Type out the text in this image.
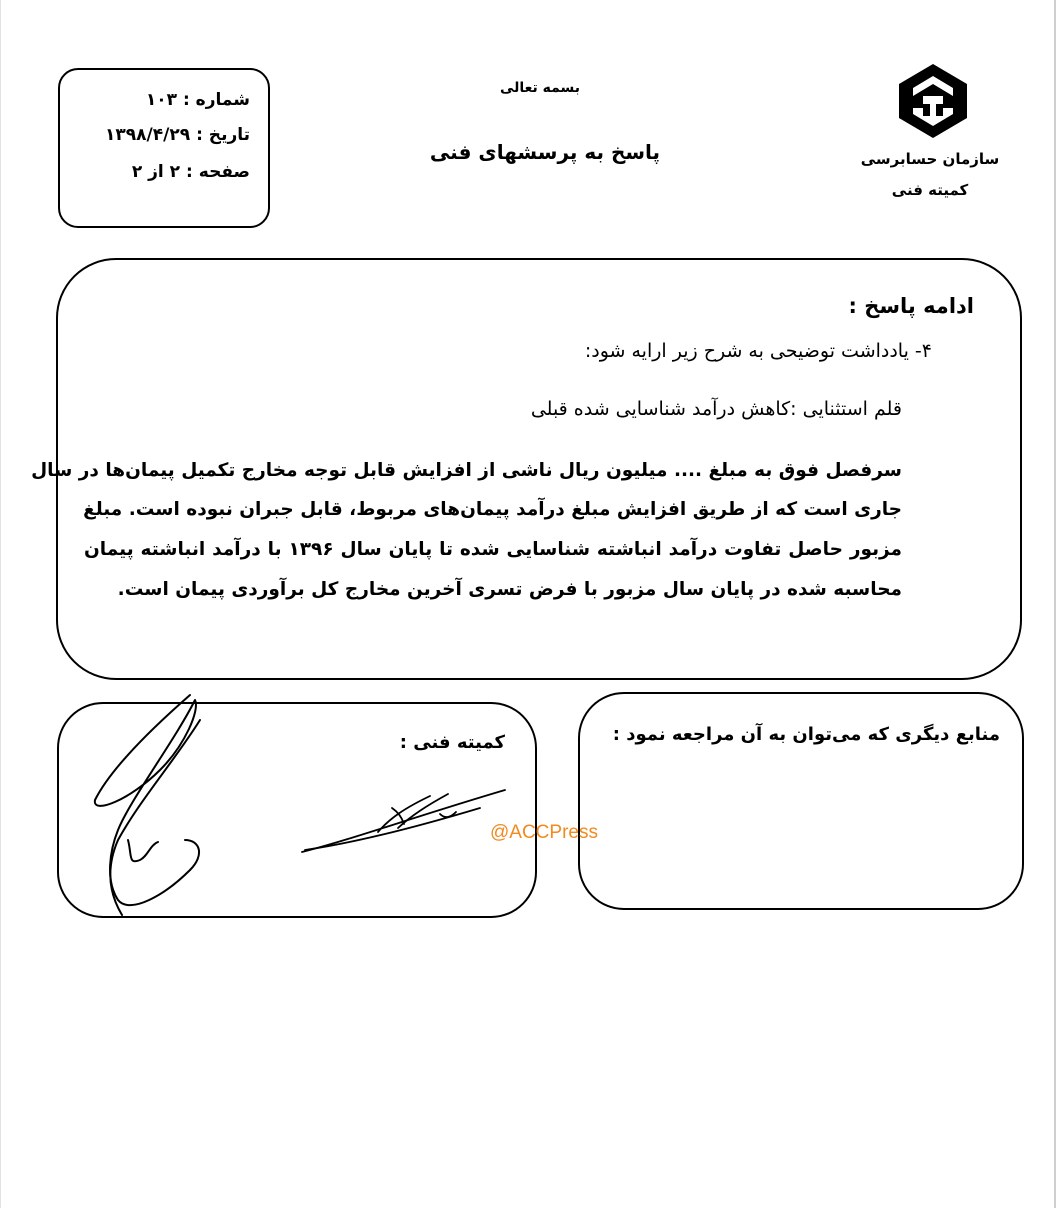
شماره :۱۰۳
تاریخ :۱۳۹۸/۴/۲۹
صفحه :۲ از ۲
بسمه تعالی
پاسخ به پرسشهای فنی	سازمان حسابرسی
کمیته فنی
ادامه پاسخ :
۴- یادداشت توضیحی به شرح زیر ارایه شود:
قلم استثنایی :کاهش درآمد شناسایی شده قبلی
سرفصل فوق به مبلغ .... میلیون ریال ناشی از افزایش قابل توجه مخارج تکمیل پیمان‌ها در سال
جاری است که از طریق افزایش مبلغ درآمد پیمان‌های مربوط، قابل جبران نبوده است. مبلغ
مزبور حاصل تفاوت درآمد انباشته شناسایی شده تا پایان سال ۱۳۹۶ با درآمد انباشته پیمان
محاسبه شده در پایان سال مزبور با فرض تسری آخرین مخارج کل برآوردی پیمان است.
کمیته فنی :	منابع دیگری که می‌توان به آن مراجعه نمود :
@ACCPress
